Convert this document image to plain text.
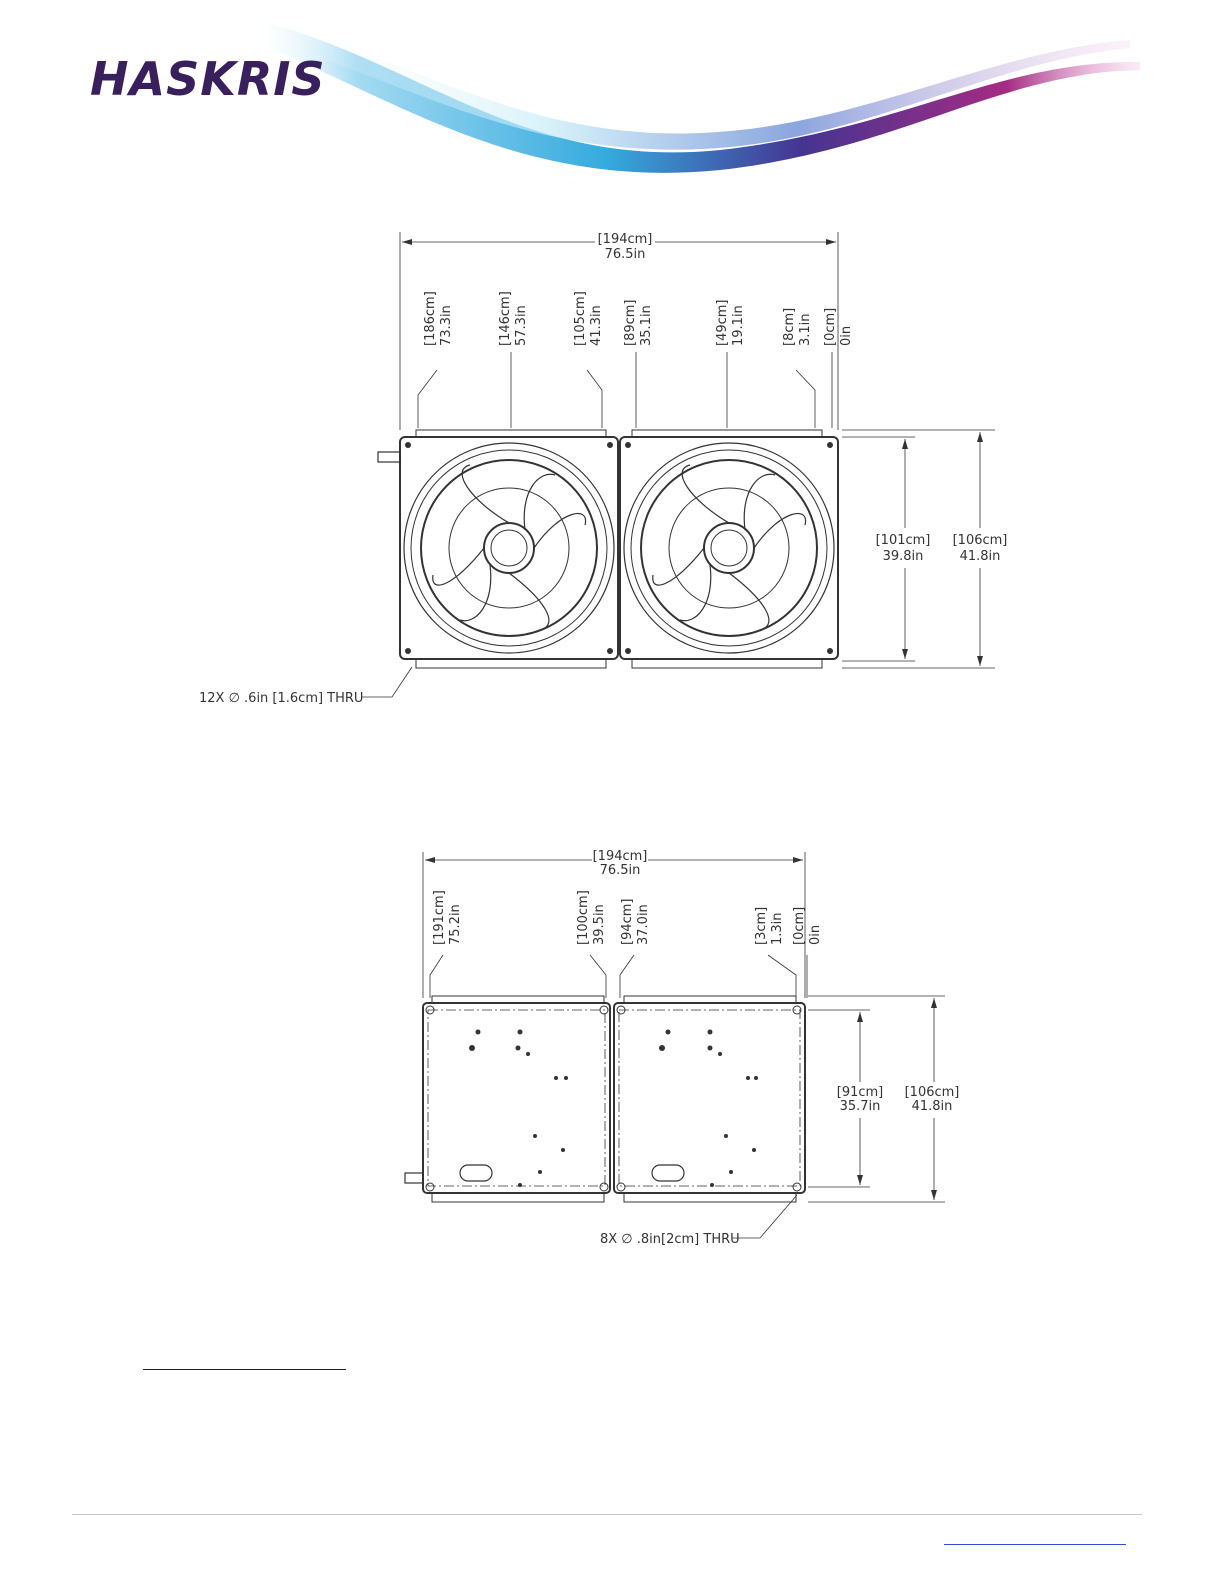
HASKRIS
[194cm]
76.5in
[186cm] 73.3in	[146cm] 57.3in	[105cm] 41.3in [89cm] 35.1in	[49cm] 19.1in	[8cm] 3.1in [0cm] 0in
[101cm]
39.8in
[106cm]
41.8in
12X ∅ .6in [1.6cm] THRU
[194cm]
76.5in
[191cm] 75.2in	[100cm] 39.5in [94cm] 37.0in	[3cm] 1.3in [0cm] 0in
[91cm]
35.7in
[106cm]
41.8in
8X ∅ .8in[2cm] THRU
